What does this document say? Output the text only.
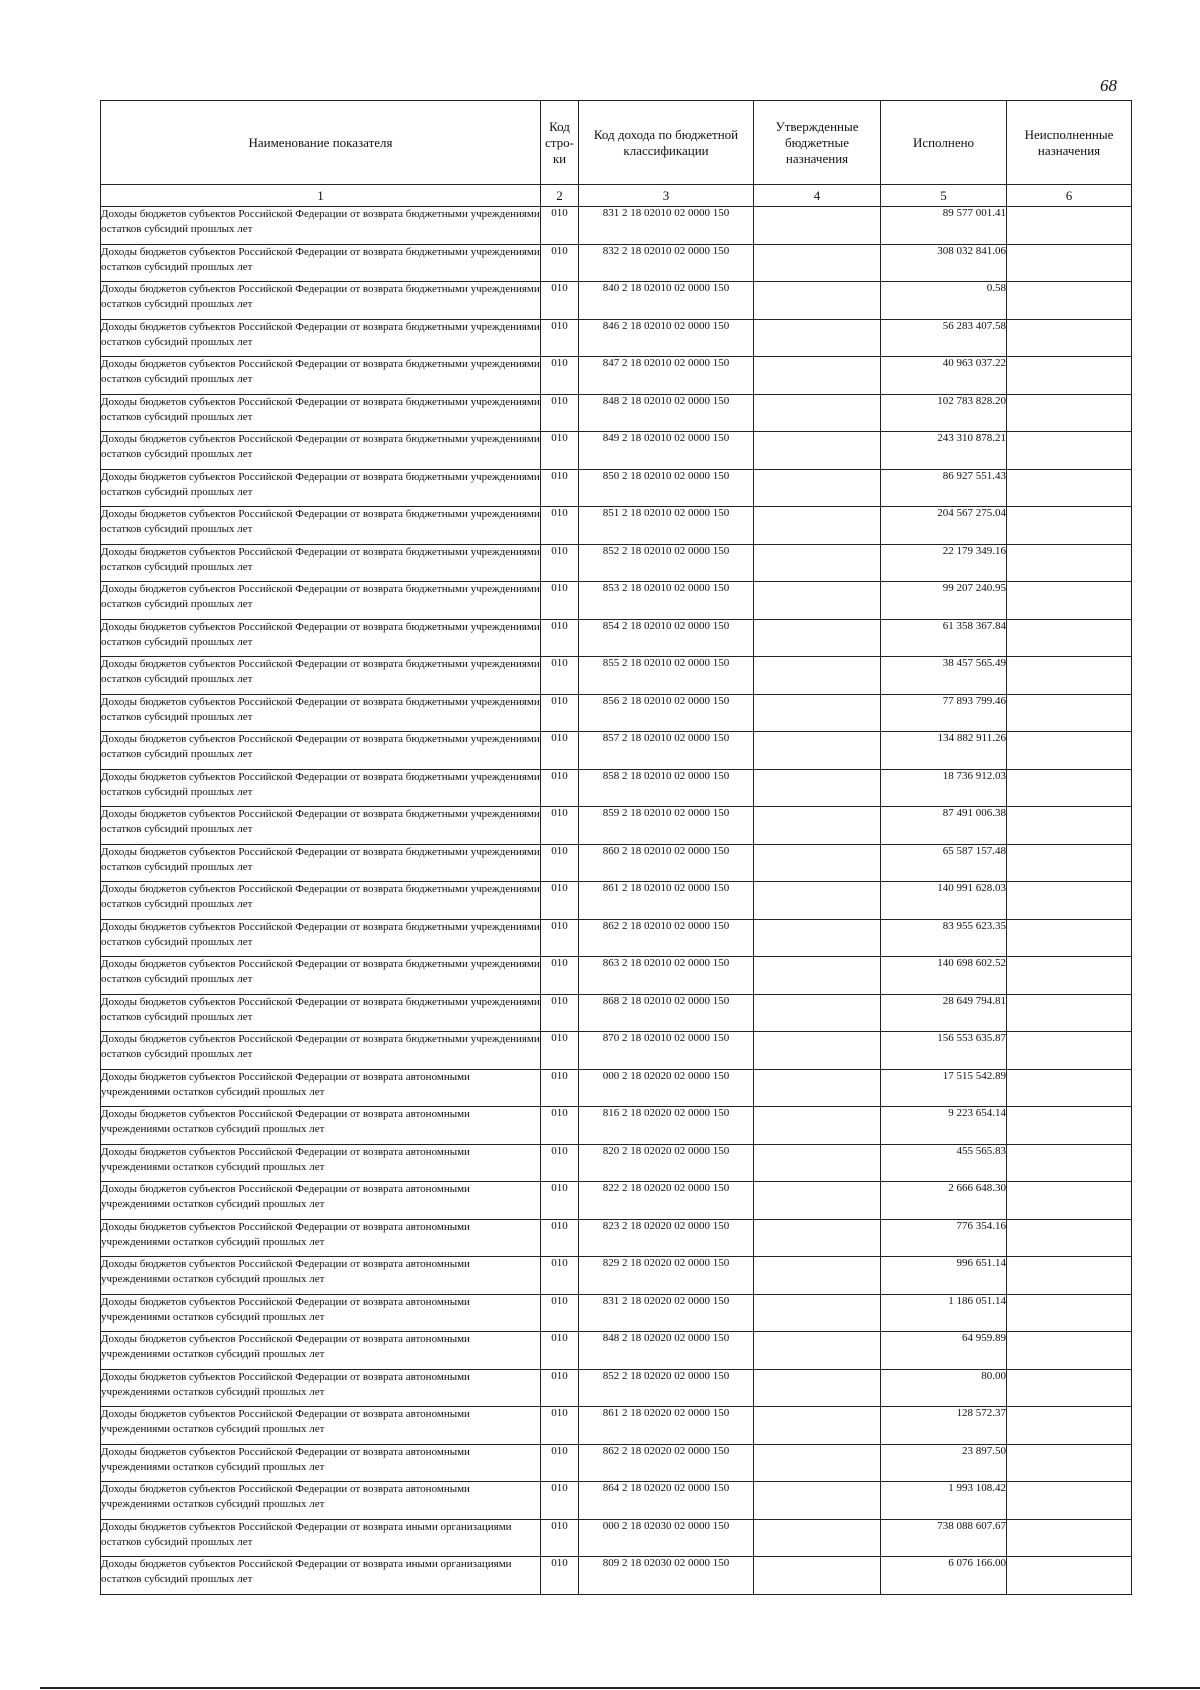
68
Наименование показателя	Код стро-ки	Код дохода по бюджетной классификации	Утвержденные бюджетные назначения	Исполнено	Неисполненные назначения
1	2	3	4	5	6
Доходы бюджетов субъектов Российской Федерации от возврата бюджетными учреждениями остатков субсидий прошлых лет	010	831 2 18 02010 02 0000 150		89 577 001.41	
Доходы бюджетов субъектов Российской Федерации от возврата бюджетными учреждениями остатков субсидий прошлых лет	010	832 2 18 02010 02 0000 150		308 032 841.06	
Доходы бюджетов субъектов Российской Федерации от возврата бюджетными учреждениями остатков субсидий прошлых лет	010	840 2 18 02010 02 0000 150		0.58	
Доходы бюджетов субъектов Российской Федерации от возврата бюджетными учреждениями остатков субсидий прошлых лет	010	846 2 18 02010 02 0000 150		56 283 407.58	
Доходы бюджетов субъектов Российской Федерации от возврата бюджетными учреждениями остатков субсидий прошлых лет	010	847 2 18 02010 02 0000 150		40 963 037.22	
Доходы бюджетов субъектов Российской Федерации от возврата бюджетными учреждениями остатков субсидий прошлых лет	010	848 2 18 02010 02 0000 150		102 783 828.20	
Доходы бюджетов субъектов Российской Федерации от возврата бюджетными учреждениями остатков субсидий прошлых лет	010	849 2 18 02010 02 0000 150		243 310 878.21	
Доходы бюджетов субъектов Российской Федерации от возврата бюджетными учреждениями остатков субсидий прошлых лет	010	850 2 18 02010 02 0000 150		86 927 551.43	
Доходы бюджетов субъектов Российской Федерации от возврата бюджетными учреждениями остатков субсидий прошлых лет	010	851 2 18 02010 02 0000 150		204 567 275.04	
Доходы бюджетов субъектов Российской Федерации от возврата бюджетными учреждениями остатков субсидий прошлых лет	010	852 2 18 02010 02 0000 150		22 179 349.16	
Доходы бюджетов субъектов Российской Федерации от возврата бюджетными учреждениями остатков субсидий прошлых лет	010	853 2 18 02010 02 0000 150		99 207 240.95	
Доходы бюджетов субъектов Российской Федерации от возврата бюджетными учреждениями остатков субсидий прошлых лет	010	854 2 18 02010 02 0000 150		61 358 367.84	
Доходы бюджетов субъектов Российской Федерации от возврата бюджетными учреждениями остатков субсидий прошлых лет	010	855 2 18 02010 02 0000 150		38 457 565.49	
Доходы бюджетов субъектов Российской Федерации от возврата бюджетными учреждениями остатков субсидий прошлых лет	010	856 2 18 02010 02 0000 150		77 893 799.46	
Доходы бюджетов субъектов Российской Федерации от возврата бюджетными учреждениями остатков субсидий прошлых лет	010	857 2 18 02010 02 0000 150		134 882 911.26	
Доходы бюджетов субъектов Российской Федерации от возврата бюджетными учреждениями остатков субсидий прошлых лет	010	858 2 18 02010 02 0000 150		18 736 912.03	
Доходы бюджетов субъектов Российской Федерации от возврата бюджетными учреждениями остатков субсидий прошлых лет	010	859 2 18 02010 02 0000 150		87 491 006.38	
Доходы бюджетов субъектов Российской Федерации от возврата бюджетными учреждениями остатков субсидий прошлых лет	010	860 2 18 02010 02 0000 150		65 587 157.48	
Доходы бюджетов субъектов Российской Федерации от возврата бюджетными учреждениями остатков субсидий прошлых лет	010	861 2 18 02010 02 0000 150		140 991 628.03	
Доходы бюджетов субъектов Российской Федерации от возврата бюджетными учреждениями остатков субсидий прошлых лет	010	862 2 18 02010 02 0000 150		83 955 623.35	
Доходы бюджетов субъектов Российской Федерации от возврата бюджетными учреждениями остатков субсидий прошлых лет	010	863 2 18 02010 02 0000 150		140 698 602.52	
Доходы бюджетов субъектов Российской Федерации от возврата бюджетными учреждениями остатков субсидий прошлых лет	010	868 2 18 02010 02 0000 150		28 649 794.81	
Доходы бюджетов субъектов Российской Федерации от возврата бюджетными учреждениями остатков субсидий прошлых лет	010	870 2 18 02010 02 0000 150		156 553 635.87	
Доходы бюджетов субъектов Российской Федерации от возврата автономными учреждениями остатков субсидий прошлых лет	010	000 2 18 02020 02 0000 150		17 515 542.89	
Доходы бюджетов субъектов Российской Федерации от возврата автономными учреждениями остатков субсидий прошлых лет	010	816 2 18 02020 02 0000 150		9 223 654.14	
Доходы бюджетов субъектов Российской Федерации от возврата автономными учреждениями остатков субсидий прошлых лет	010	820 2 18 02020 02 0000 150		455 565.83	
Доходы бюджетов субъектов Российской Федерации от возврата автономными учреждениями остатков субсидий прошлых лет	010	822 2 18 02020 02 0000 150		2 666 648.30	
Доходы бюджетов субъектов Российской Федерации от возврата автономными учреждениями остатков субсидий прошлых лет	010	823 2 18 02020 02 0000 150		776 354.16	
Доходы бюджетов субъектов Российской Федерации от возврата автономными учреждениями остатков субсидий прошлых лет	010	829 2 18 02020 02 0000 150		996 651.14	
Доходы бюджетов субъектов Российской Федерации от возврата автономными учреждениями остатков субсидий прошлых лет	010	831 2 18 02020 02 0000 150		1 186 051.14	
Доходы бюджетов субъектов Российской Федерации от возврата автономными учреждениями остатков субсидий прошлых лет	010	848 2 18 02020 02 0000 150		64 959.89	
Доходы бюджетов субъектов Российской Федерации от возврата автономными учреждениями остатков субсидий прошлых лет	010	852 2 18 02020 02 0000 150		80.00	
Доходы бюджетов субъектов Российской Федерации от возврата автономными учреждениями остатков субсидий прошлых лет	010	861 2 18 02020 02 0000 150		128 572.37	
Доходы бюджетов субъектов Российской Федерации от возврата автономными учреждениями остатков субсидий прошлых лет	010	862 2 18 02020 02 0000 150		23 897.50	
Доходы бюджетов субъектов Российской Федерации от возврата автономными учреждениями остатков субсидий прошлых лет	010	864 2 18 02020 02 0000 150		1 993 108.42	
Доходы бюджетов субъектов Российской Федерации от возврата иными организациями остатков субсидий прошлых лет	010	000 2 18 02030 02 0000 150		738 088 607.67	
Доходы бюджетов субъектов Российской Федерации от возврата иными организациями остатков субсидий прошлых лет	010	809 2 18 02030 02 0000 150		6 076 166.00	
